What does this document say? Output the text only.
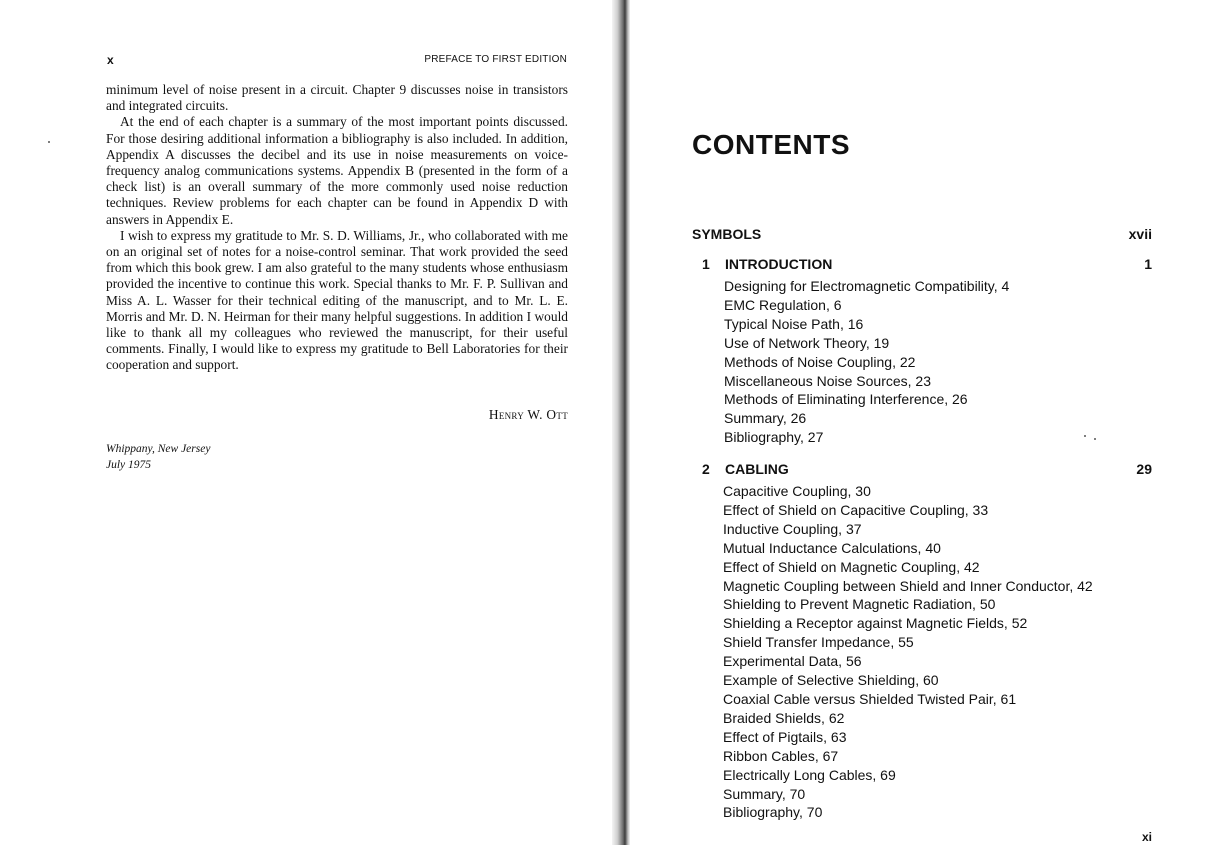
x	PREFACE TO FIRST EDITION

minimum level of noise present in a circuit. Chapter 9 discusses noise in transistors and integrated circuits.

At the end of each chapter is a summary of the most important points discussed. For those desiring additional information a bibliography is also included. In addition, Appendix A discusses the decibel and its use in noise measurements on voice-frequency analog communications systems. Appendix B (presented in the form of a check list) is an overall summary of the more commonly used noise reduction techniques. Review problems for each chapter can be found in Appendix D with answers in Appendix E.

I wish to express my gratitude to Mr. S. D. Williams, Jr., who collaborated with me on an original set of notes for a noise-control seminar. That work provided the seed from which this book grew. I am also grateful to the many students whose enthusiasm provided the incentive to continue this work. Special thanks to Mr. F. P. Sullivan and Miss A. L. Wasser for their technical editing of the manuscript, and to Mr. L. E. Morris and Mr. D. N. Heirman for their many helpful suggestions. In addition I would like to thank all my colleagues who reviewed the manuscript, for their useful comments. Finally, I would like to express my gratitude to Bell Laboratories for their cooperation and support.

Henry W. Ott
Whippany, New Jersey
July 1975
CONTENTS
SYMBOLS	xvii
1 INTRODUCTION	1
Designing for Electromagnetic Compatibility, 4
EMC Regulation, 6
Typical Noise Path, 16
Use of Network Theory, 19
Methods of Noise Coupling, 22
Miscellaneous Noise Sources, 23
Methods of Eliminating Interference, 26
Summary, 26
Bibliography, 27
2 CABLING	29
Capacitive Coupling, 30
Effect of Shield on Capacitive Coupling, 33
Inductive Coupling, 37
Mutual Inductance Calculations, 40
Effect of Shield on Magnetic Coupling, 42
Magnetic Coupling between Shield and Inner Conductor, 42
Shielding to Prevent Magnetic Radiation, 50
Shielding a Receptor against Magnetic Fields, 52
Shield Transfer Impedance, 55
Experimental Data, 56
Example of Selective Shielding, 60
Coaxial Cable versus Shielded Twisted Pair, 61
Braided Shields, 62
Effect of Pigtails, 63
Ribbon Cables, 67
Electrically Long Cables, 69
Summary, 70
Bibliography, 70
xi
